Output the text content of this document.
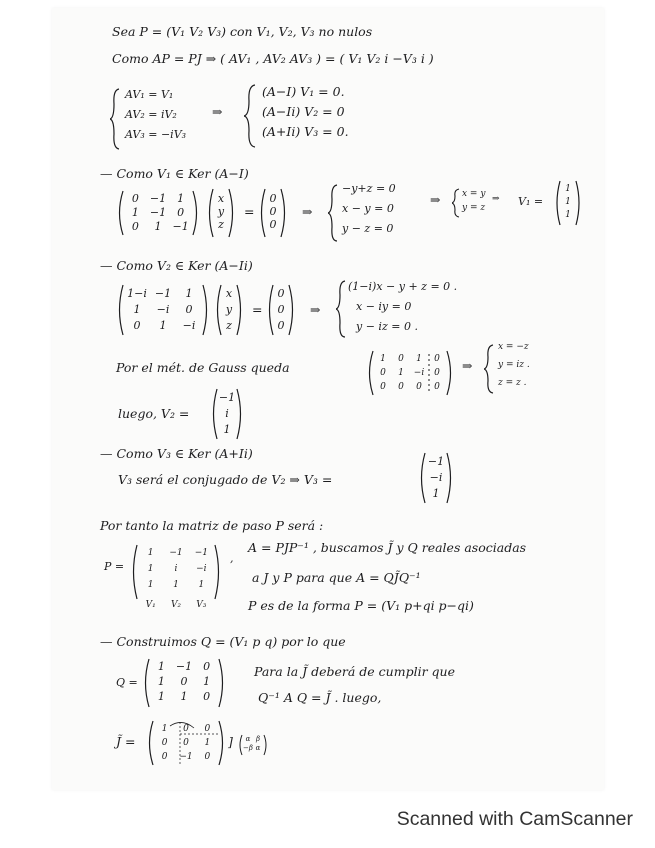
Sea P = (V₁ V₂ V₃) con V₁, V₂, V₃ no nulos
Como AP = PJ ⇒ ( AV₁ , AV₂ AV₃ ) = ( V₁ V₂ i −V₃ i )
AV₁ = V₁
AV₂ = iV₂
AV₃ = −iV₃
⇒
(A−I) V₁ = 0.
(A−Ii) V₂ = 0
(A+Ii) V₃ = 0.
— Como V₁ ∈ Ker (A−I)
0	−1	1
1	−1	0
0	1	−1
x
y
z
=
0
0
0
⇒
−y+z = 0
x − y = 0
y − z = 0
⇒ x = y
y = z
⇒ V₁ =
1
1
1
— Como V₂ ∈ Ker (A−Ii)
1−i −1	1
1	−i	0
0	1	−i
x
y
z
=
0
0
0
⇒
(1−i)x − y + z = 0 .
x − iy = 0
y − iz = 0 .
Por el mét. de Gauss queda
1	0	1	0
0	1	−i	0
0	0	0	0
⇒
x = −z
y = iz .
z = z .
luego, V₂ =
−1
i
1
— Como V₃ ∈ Ker (A+Ii)
V₃ será el conjugado de V₂ ⇒ V₃ =
−1
−i
1
Por tanto la matriz de paso P será :
P =
1	−1	−1
1	i	−i
1	1	1
V₁	V₂	V₃
,
A = PJP⁻¹ , buscamos J̃ y Q reales asociadas
a J y P para que A = QJ̃Q⁻¹
P es de la forma P = (V₁ p+qi p−qi)
— Construimos Q = (V₁ p q) por lo que
Q =
1	−1	0
1	0	1
1	1	0
Para la J̃ deberá de cumplir que
Q⁻¹ A Q = J̃ . luego,
J̃ =
1	0	0
0	0	1
0	−1	0
]	α β
−β α
Scanned with CamScanner
